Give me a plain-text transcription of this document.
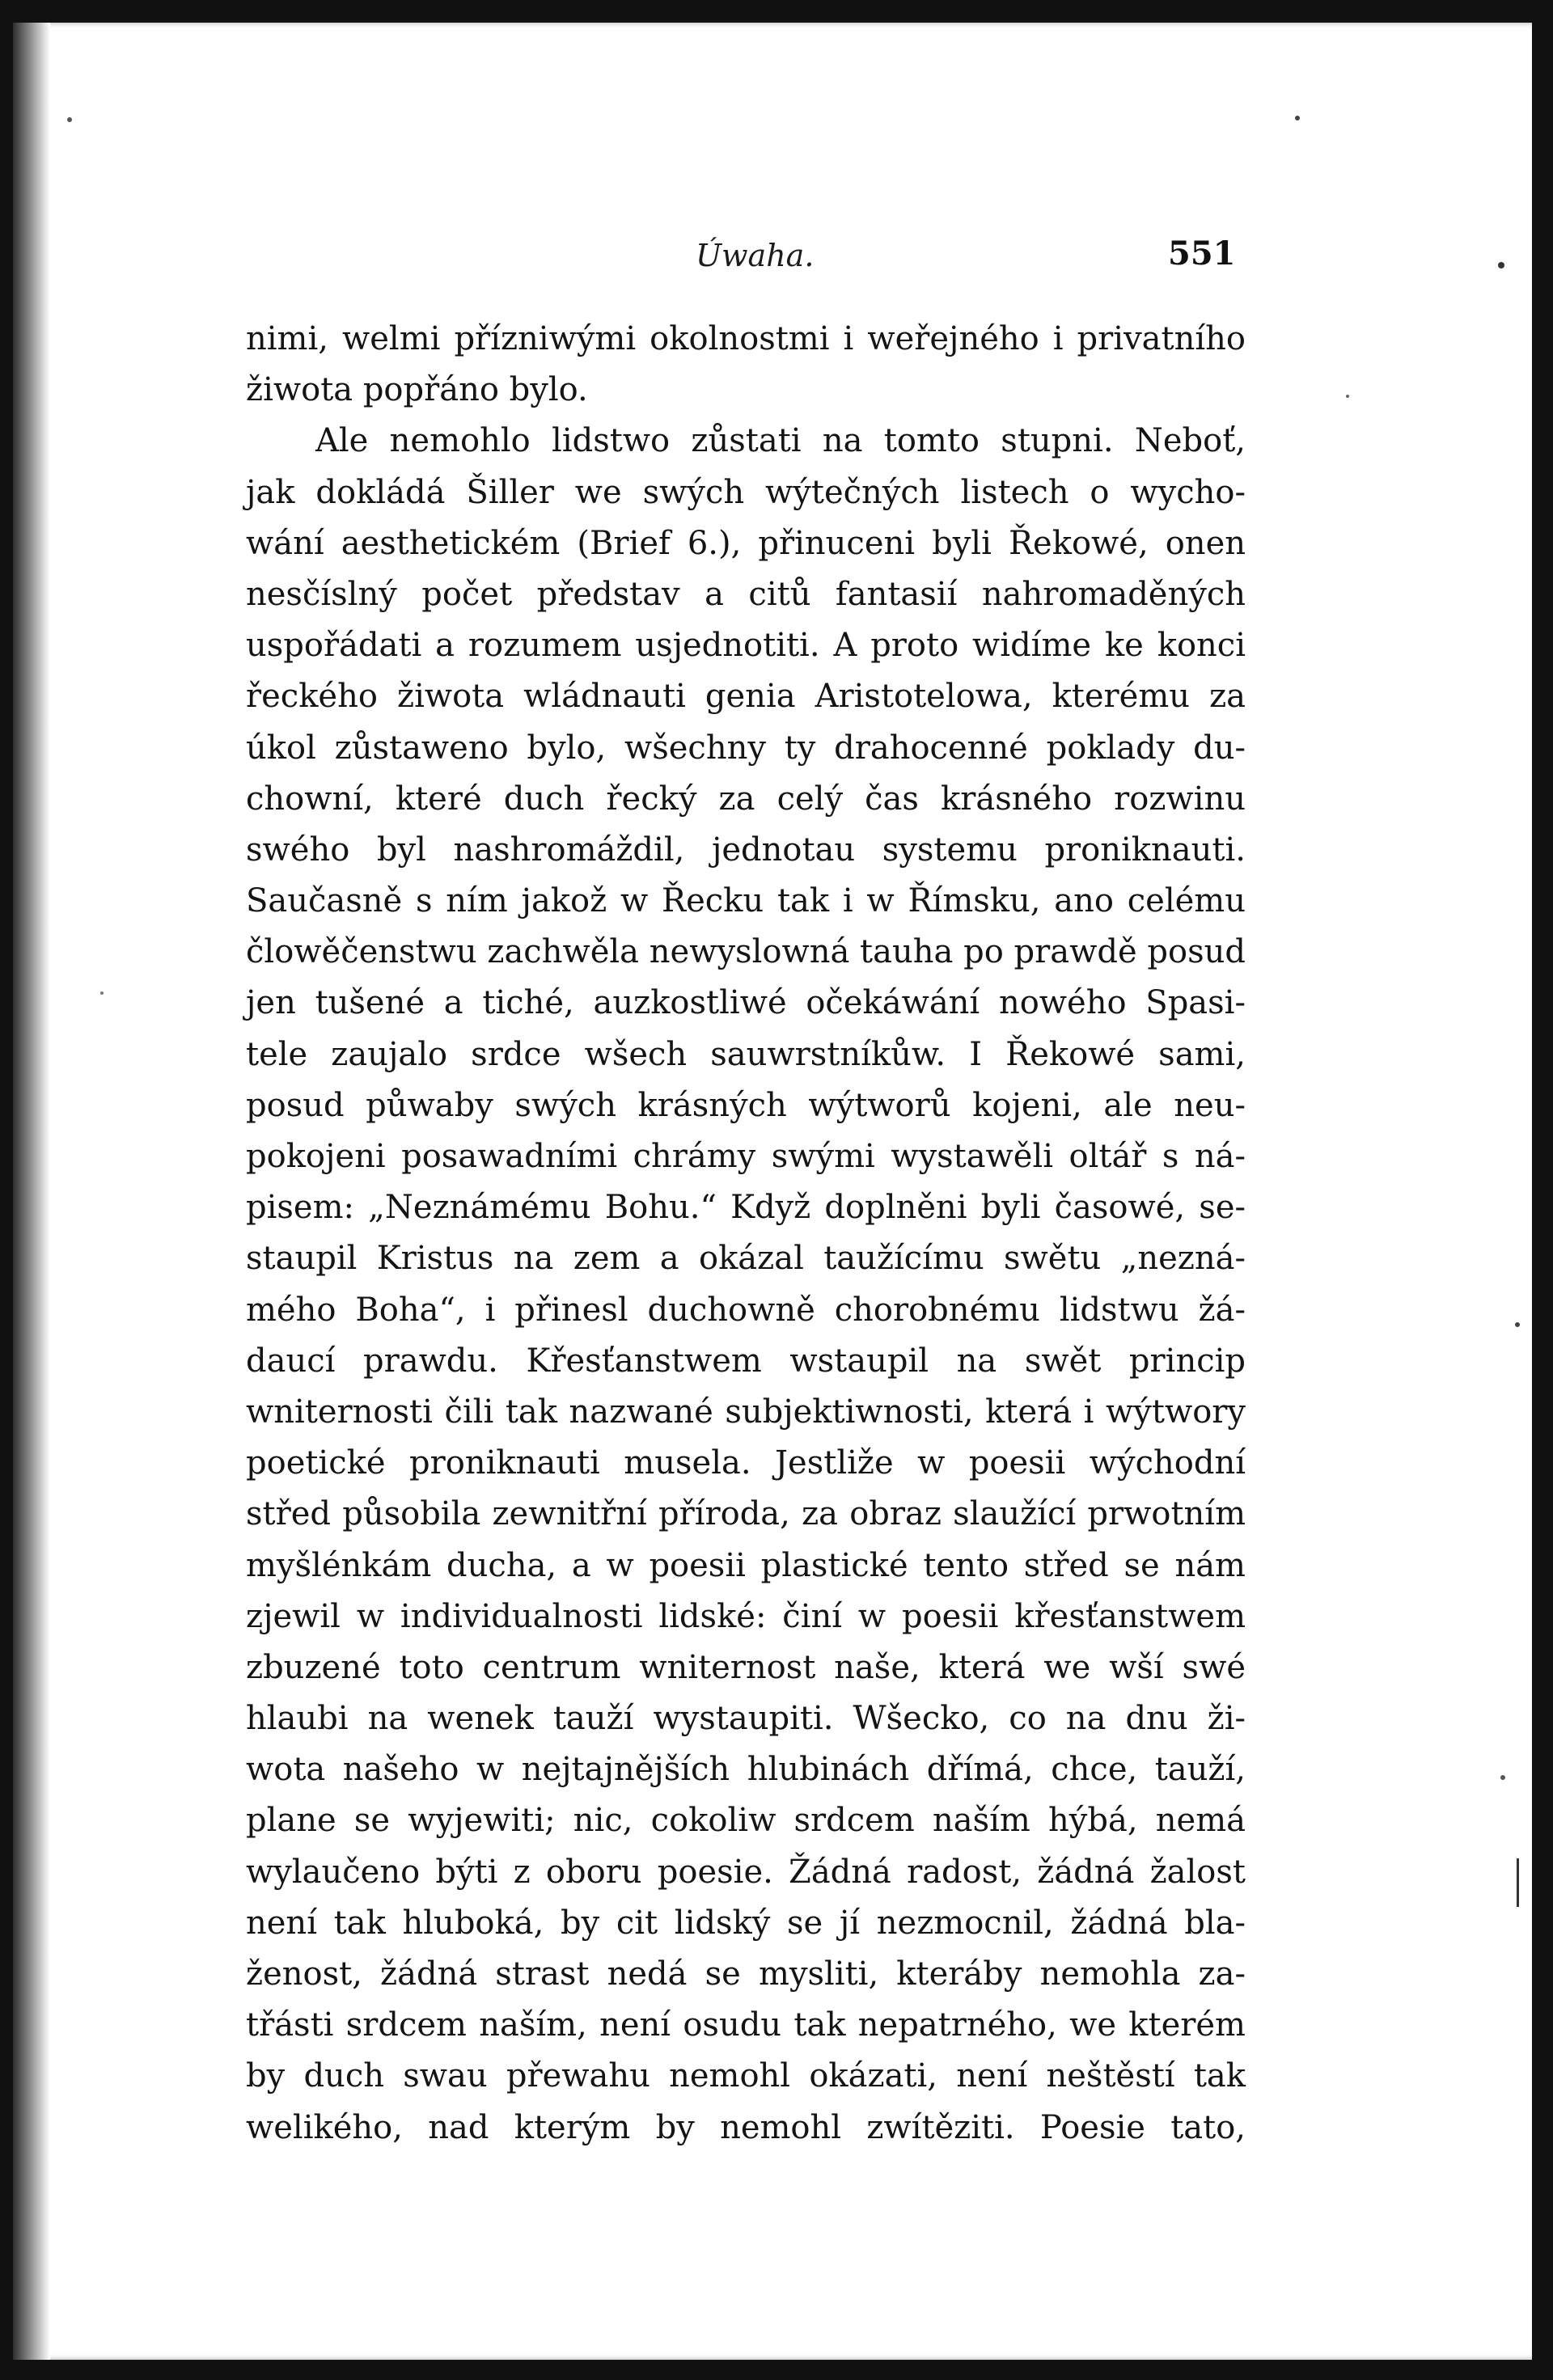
Úwaha.	551
nimi, welmi přízniwými okolnostmi i weřejného i privatního
žiwota popřáno bylo.
Ale nemohlo lidstwo zůstati na tomto stupni. Neboť,
jak dokládá Šiller we swých wýtečných listech o wycho-
wání aesthetickém (Brief 6.), přinuceni byli Řekowé, onen
nesčíslný počet představ a citů fantasií nahromaděných
uspořádati a rozumem usjednotiti. A proto widíme ke konci
řeckého žiwota wládnauti genia Aristotelowa, kterému za
úkol zůstaweno bylo, wšechny ty drahocenné poklady du-
chowní, které duch řecký za celý čas krásného rozwinu
swého byl nashromáždil, jednotau systemu proniknauti.
Saučasně s ním jakož w Řecku tak i w Římsku, ano celému
člowěčenstwu zachwěla newyslowná tauha po prawdě posud
jen tušené a tiché, auzkostliwé očekáwání nowého Spasi-
tele zaujalo srdce wšech sauwrstníkůw. I Řekowé sami,
posud půwaby swých krásných wýtworů kojeni, ale neu-
pokojeni posawadními chrámy swými wystawěli oltář s ná-
pisem: „Neznámému Bohu.“ Když doplněni byli časowé, se-
staupil Kristus na zem a okázal taužícímu swětu „nezná-
mého Boha“, i přinesl duchowně chorobnému lidstwu žá-
daucí prawdu. Křesťanstwem wstaupil na swět princip
wniternosti čili tak nazwané subjektiwnosti, která i wýtwory
poetické proniknauti musela. Jestliže w poesii wýchodní
střed působila zewnitřní příroda, za obraz slaužící prwotním
myšlénkám ducha, a w poesii plastické tento střed se nám
zjewil w individualnosti lidské: činí w poesii křesťanstwem
zbuzené toto centrum wniternost naše, která we wší swé
hlaubi na wenek tauží wystaupiti. Wšecko, co na dnu ži-
wota našeho w nejtajnějších hlubinách dřímá, chce, tauží,
plane se wyjewiti; nic, cokoliw srdcem naším hýbá, nemá
wylaučeno býti z oboru poesie. Žádná radost, žádná žalost
není tak hluboká, by cit lidský se jí nezmocnil, žádná bla-
ženost, žádná strast nedá se mysliti, kteráby nemohla za-
třásti srdcem naším, není osudu tak nepatrného, we kterém
by duch swau přewahu nemohl okázati, není neštěstí tak
welikého, nad kterým by nemohl zwítěziti. Poesie tato,
